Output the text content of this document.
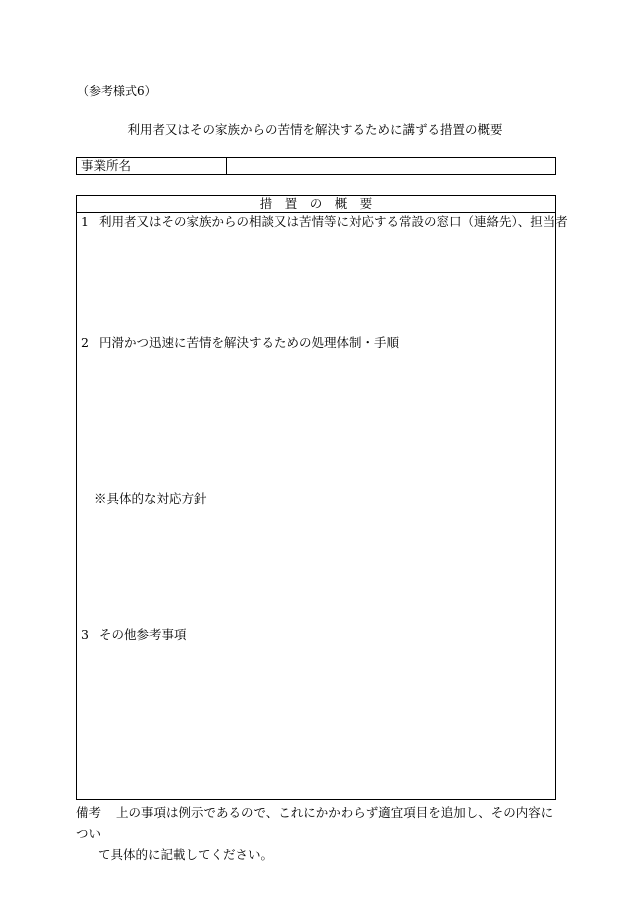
（参考様式6）
利用者又はその家族からの苦情を解決するために講ずる措置の概要
事業所名
措　置　の　概　要
1 利用者又はその家族からの相談又は苦情等に対応する常設の窓口（連絡先）、担当者
2 円滑かつ迅速に苦情を解決するための処理体制・手順
※具体的な対応方針
3 その他参考事項
備考 上の事項は例示であるので、これにかかわらず適宜項目を追加し、その内容につい
て具体的に記載してください。
